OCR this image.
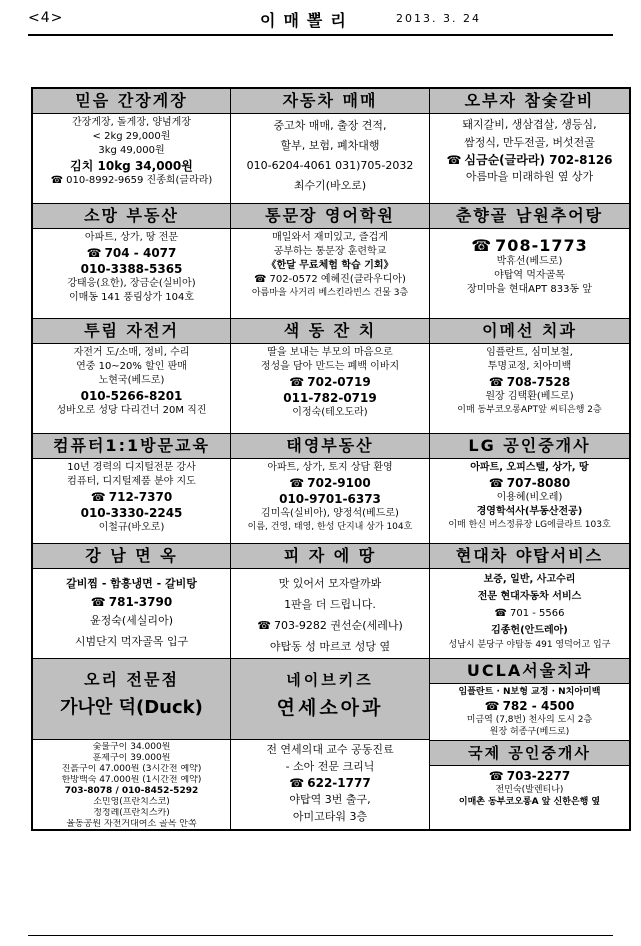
<4>	이매뽈리	2013. 3. 24
믿음 간장게장
간장게장, 돌게장, 양념게장
< 2kg 29,000원
3kg 49,000원
김치 10kg 34,000원
☎ 010-8992-9659 진종희(글라라)
자동차 매매
중고차 매매, 출장 견적,
할부, 보험, 폐차대행
010-6204-4061 031)705-2032
최수기(바오로)
오부자 참숯갈비
돼지갈비, 생삼겹살, 생등심,
쌈정식, 만두전골, 버섯전골
☎ 심금순(글라라) 702-8126
아름마을 미래하원 옆 상가
소망 부동산
아파트, 상가, 땅 전문
☎ 704 - 4077
010-3388-5365
강태응(요한), 장금순(실비아)
이매동 141 풍림상가 104호
통문장 영어학원
매일와서 재미있고, 즐겁게
공부하는 통문장 훈련학교
《한달 무료체험 학습 기회》
☎ 702-0572 예혜진(클라우디아)
아름마을 사거리 베스킨라빈스 건물 3층
춘향골 남원추어탕
☎ 708-1773
박휴선(베드로)
야탑역 먹자골목
장미마을 현대APT 833동 앞
투림 자전거
자전거 도/소매, 정비, 수리
연중 10~20% 할인 판매
노현국(베드로)
010-5266-8201
성바오로 성당 다리건너 20M 직진
색 동 잔 치
딸을 보내는 부모의 마음으로
정성을 담아 만드는 폐백 이바지
☎ 702-0719
011-782-0719
이정숙(테오도라)
이메선 치과
임플란트, 심미보철,
투명교정, 치아미백
☎ 708-7528
원장 김택환(베드로)
이매 동부코오롱APT앞 씨티은행 2층
컴퓨터1:1방문교육
10년 경력의 디지털전문 강사
컴퓨터, 디지털제품 분야 지도
☎ 712-7370
010-3330-2245
이철규(바오로)
태영부동산
아파트, 상가, 토지 상담 환영
☎ 702-9100
010-9701-6373
김미옥(실비아), 양정석(베드로)
이름, 건영, 태영, 한성 단지내 상가 104호
LG 공인중개사
아파트, 오피스텔, 상가, 땅
☎ 707-8080
이용혜(비오레)
경영학석사(부동산전공)
이매 한신 버스정류장 LG에클라트 103호
강 남 면 옥
갈비찜 - 함흥냉면 - 갈비탕
☎ 781-3790
윤정숙(세실리아)
시범단지 먹자골목 입구
피 자 에 땅
맛 있어서 모자랄까봐
1판을 더 드립니다.
☎ 703-9282 권선순(세레나)
야탑동 성 마르코 성당 옆
현대차 야탑서비스
보증, 일반, 사고수리
전문 현대자동차 서비스
☎ 701 - 5566
김종헌(안드레아)
성남시 분당구 야탑동 491 영덕어고 입구
오리 전문점
가나안 덕(Duck)
숯불구이 34.000원
훈제구이 39.000원
진흙구이 47.000원 (3시간전 예약)
한방백숙 47.000원 (1시간전 예약)
703-8078 / 010-8452-5292
소민영(프란치스코)
정정례(프란치스카)
율동공원 자전거대여소 골목 안쪽
네이브키즈
연세소아과
전 연세의대 교수 공동진료
- 소아 전문 크리닉
☎ 622-1777
야탑역 3번 출구,
아미고타워 3층
UCLA서울치과
임플란트 · N보형 교정 · N치아미백
☎ 782 - 4500
미금역 (7,8번) 천사의 도시 2층
원장 허종구(베드로)
국제 공인중개사
☎ 703-2277
전민숙(발렌티나)
이매촌 동부코오롱A 앞 신한은행 옆
